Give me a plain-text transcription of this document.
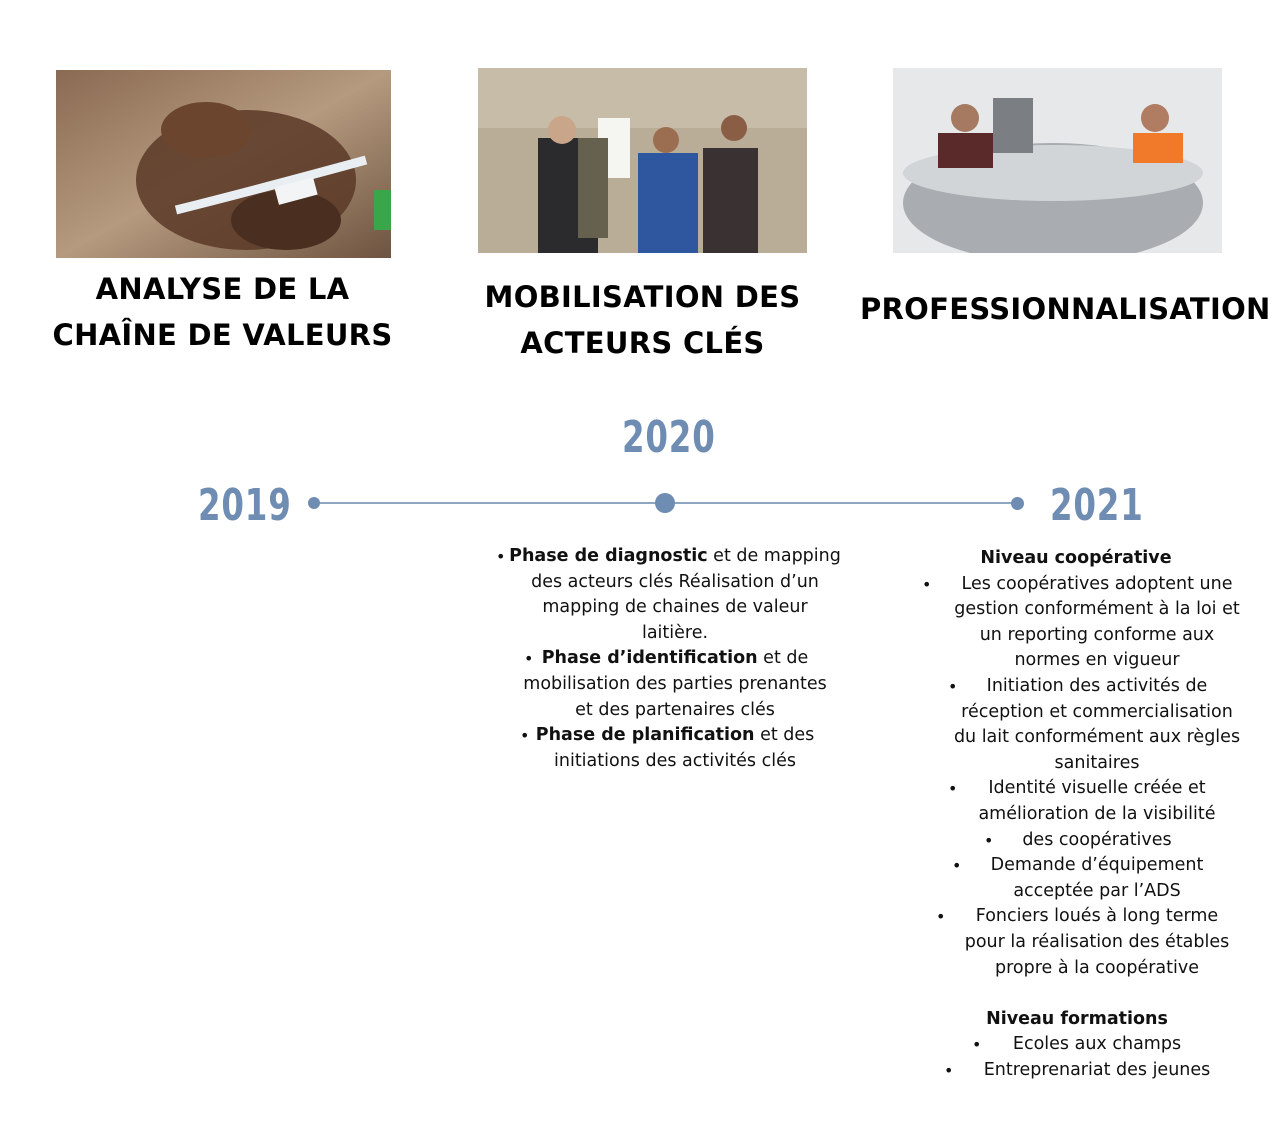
ANALYSE DE LA
CHAÎNE DE VALEURS
MOBILISATION DES
ACTEURS CLÉS
PROFESSIONNALISATION
2019
2020
2021
• Phase de diagnostic et de mapping
des acteurs clés Réalisation d’un
mapping de chaines de valeur
laitière.
• Phase d’identification et de
mobilisation des parties prenantes
et des partenaires clés
• Phase de planification et des
initiations des activités clés
Niveau coopérative
• Les coopératives adoptent une
gestion conformément à la loi et
un reporting conforme aux
normes en vigueur
• Initiation des activités de
réception et commercialisation
du lait conformément aux règles
sanitaires
• Identité visuelle créée et
amélioration de la visibilité
• des coopératives
• Demande d’équipement
acceptée par l’ADS
• Fonciers loués à long terme
pour la réalisation des étables
propre à la coopérative

Niveau formations
• Ecoles aux champs
• Entreprenariat des jeunes
